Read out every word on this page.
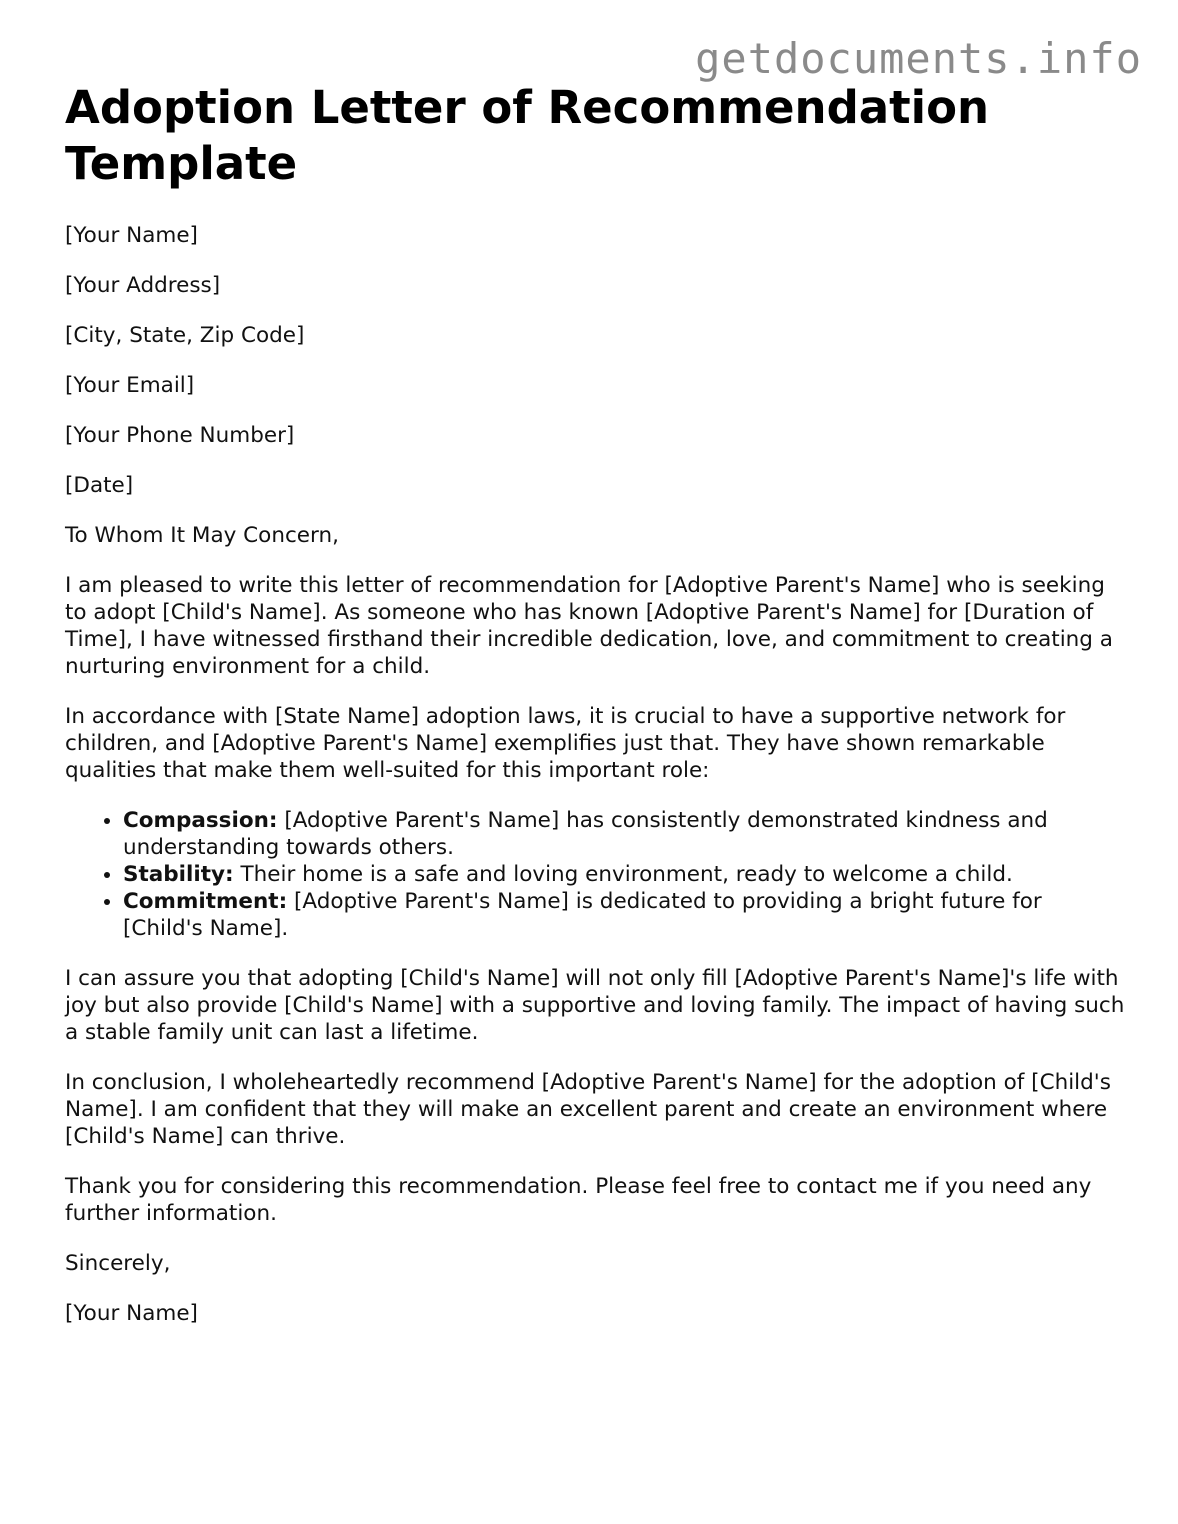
getdocuments.info
Adoption Letter of Recommendation Template

[Your Name]

[Your Address]

[City, State, Zip Code]

[Your Email]

[Your Phone Number]

[Date]

To Whom It May Concern,

I am pleased to write this letter of recommendation for [Adoptive Parent's Name] who is seeking to adopt [Child's Name]. As someone who has known [Adoptive Parent's Name] for [Duration of Time], I have witnessed firsthand their incredible dedication, love, and commitment to creating a nurturing environment for a child.

In accordance with [State Name] adoption laws, it is crucial to have a supportive network for children, and [Adoptive Parent's Name] exemplifies just that. They have shown remarkable qualities that make them well-suited for this important role:

• Compassion: [Adoptive Parent's Name] has consistently demonstrated kindness and understanding towards others.
• Stability: Their home is a safe and loving environment, ready to welcome a child.
• Commitment: [Adoptive Parent's Name] is dedicated to providing a bright future for [Child's Name].

I can assure you that adopting [Child's Name] will not only fill [Adoptive Parent's Name]'s life with joy but also provide [Child's Name] with a supportive and loving family. The impact of having such a stable family unit can last a lifetime.

In conclusion, I wholeheartedly recommend [Adoptive Parent's Name] for the adoption of [Child's Name]. I am confident that they will make an excellent parent and create an environment where [Child's Name] can thrive.

Thank you for considering this recommendation. Please feel free to contact me if you need any further information.

Sincerely,

[Your Name]
